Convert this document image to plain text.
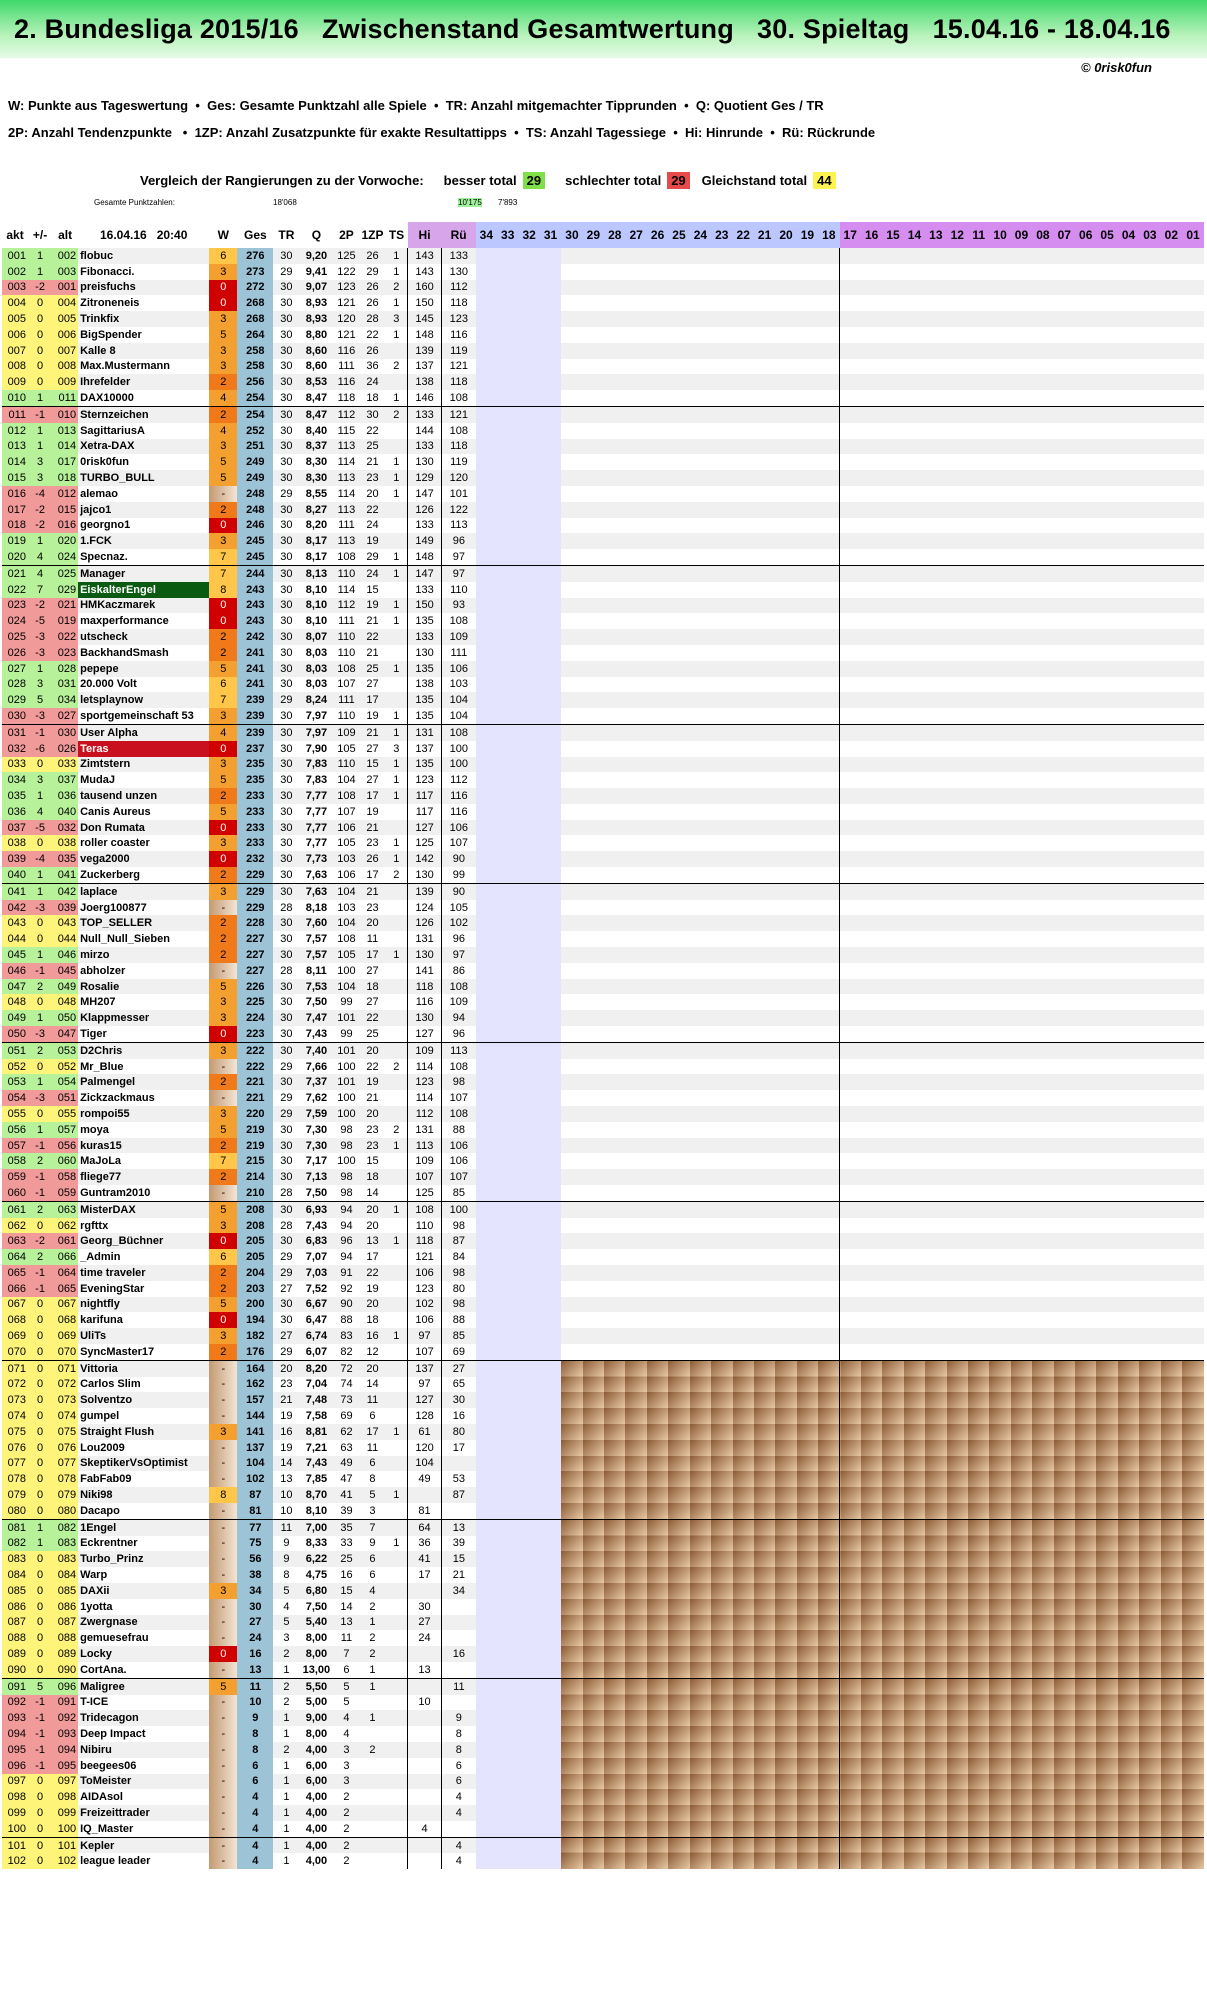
2. Bundesliga 2015/16   Zwischenstand Gesamtwertung   30. Spieltag   15.04.16 - 18.04.16
© 0risk0fun
W: Punkte aus Tageswertung  •  Ges: Gesamte Punktzahl alle Spiele  •  TR: Anzahl mitgemachter Tipprunden  •  Q: Quotient Ges / TR
2P: Anzahl Tendenzpunkte   •  1ZP: Anzahl Zusatzpunkte für exakte Resultattipps  •  TS: Anzahl Tagessiege  •  Hi: Hinrunde  •  Rü: Rückrunde
Vergleich der Rangierungen zu der Vorwoche: besser total 29	schlechter total 29	Gleichstand total 44
Gesamte Punktzahlen:	18'068	10'175 7'893
akt	+/-	alt	16.04.16 20:40	W	Ges	TR	Q	2P	1ZP	TS	Hi	Rü	34	33	32	31	30	29	28	27	26	25	24	23	22	21	20	19	18	17	16	15	14	13	12	11	10	09	08	07	06	05	04	03	02	01
001	1	002	flobuc	6	276	30	9,20	125	26	1	143	133																																		
002	1	003	Fibonacci.	3	273	29	9,41	122	29	1	143	130																																		
003	-2	001	preisfuchs	0	272	30	9,07	123	26	2	160	112																																		
004	0	004	Zitroneneis	0	268	30	8,93	121	26	1	150	118																																		
005	0	005	Trinkfix	3	268	30	8,93	120	28	3	145	123																																		
006	0	006	BigSpender	5	264	30	8,80	121	22	1	148	116																																		
007	0	007	Kalle 8	3	258	30	8,60	116	26		139	119																																		
008	0	008	Max.Mustermann	3	258	30	8,60	111	36	2	137	121																																		
009	0	009	Ihrefelder	2	256	30	8,53	116	24		138	118																																		
010	1	011	DAX10000	4	254	30	8,47	118	18	1	146	108																																		
011	-1	010	Sternzeichen	2	254	30	8,47	112	30	2	133	121																																		
012	1	013	SagittariusA	4	252	30	8,40	115	22		144	108																																		
013	1	014	Xetra-DAX	3	251	30	8,37	113	25		133	118																																		
014	3	017	0risk0fun	5	249	30	8,30	114	21	1	130	119																																		
015	3	018	TURBO_BULL	5	249	30	8,30	113	23	1	129	120																																		
016	-4	012	alemao	-	248	29	8,55	114	20	1	147	101																																		
017	-2	015	jajco1	2	248	30	8,27	113	22		126	122																																		
018	-2	016	georgno1	0	246	30	8,20	111	24		133	113																																		
019	1	020	1.FCK	3	245	30	8,17	113	19		149	96																																		
020	4	024	Specnaz.	7	245	30	8,17	108	29	1	148	97																																		
021	4	025	Manager	7	244	30	8,13	110	24	1	147	97																																		
022	7	029	EiskalterEngel	8	243	30	8,10	114	15		133	110																																		
023	-2	021	HMKaczmarek	0	243	30	8,10	112	19	1	150	93																																		
024	-5	019	maxperformance	0	243	30	8,10	111	21	1	135	108																																		
025	-3	022	utscheck	2	242	30	8,07	110	22		133	109																																		
026	-3	023	BackhandSmash	2	241	30	8,03	110	21		130	111																																		
027	1	028	pepepe	5	241	30	8,03	108	25	1	135	106																																		
028	3	031	20.000 Volt	6	241	30	8,03	107	27		138	103																																		
029	5	034	letsplaynow	7	239	29	8,24	111	17		135	104																																		
030	-3	027	sportgemeinschaft 53	3	239	30	7,97	110	19	1	135	104																																		
031	-1	030	User Alpha	4	239	30	7,97	109	21	1	131	108																																		
032	-6	026	Teras	0	237	30	7,90	105	27	3	137	100																																		
033	0	033	Zimtstern	3	235	30	7,83	110	15	1	135	100																																		
034	3	037	MudaJ	5	235	30	7,83	104	27	1	123	112																																		
035	1	036	tausend unzen	2	233	30	7,77	108	17	1	117	116																																		
036	4	040	Canis Aureus	5	233	30	7,77	107	19		117	116																																		
037	-5	032	Don Rumata	0	233	30	7,77	106	21		127	106																																		
038	0	038	roller coaster	3	233	30	7,77	105	23	1	125	107																																		
039	-4	035	vega2000	0	232	30	7,73	103	26	1	142	90																																		
040	1	041	Zuckerberg	2	229	30	7,63	106	17	2	130	99																																		
041	1	042	laplace	3	229	30	7,63	104	21		139	90																																		
042	-3	039	Joerg100877	-	229	28	8,18	103	23		124	105																																		
043	0	043	TOP_SELLER	2	228	30	7,60	104	20		126	102																																		
044	0	044	Null_Null_Sieben	2	227	30	7,57	108	11		131	96																																		
045	1	046	mirzo	2	227	30	7,57	105	17	1	130	97																																		
046	-1	045	abholzer	-	227	28	8,11	100	27		141	86																																		
047	2	049	Rosalie	5	226	30	7,53	104	18		118	108																																		
048	0	048	MH207	3	225	30	7,50	99	27		116	109																																		
049	1	050	Klappmesser	3	224	30	7,47	101	22		130	94																																		
050	-3	047	Tiger	0	223	30	7,43	99	25		127	96																																		
051	2	053	D2Chris	3	222	30	7,40	101	20		109	113																																		
052	0	052	Mr_Blue	-	222	29	7,66	100	22	2	114	108																																		
053	1	054	Palmengel	2	221	30	7,37	101	19		123	98																																		
054	-3	051	Zickzackmaus	-	221	29	7,62	100	21		114	107																																		
055	0	055	rompoi55	3	220	29	7,59	100	20		112	108																																		
056	1	057	moya	5	219	30	7,30	98	23	2	131	88																																		
057	-1	056	kuras15	2	219	30	7,30	98	23	1	113	106																																		
058	2	060	MaJoLa	7	215	30	7,17	100	15		109	106																																		
059	-1	058	fliege77	2	214	30	7,13	98	18		107	107																																		
060	-1	059	Guntram2010	-	210	28	7,50	98	14		125	85																																		
061	2	063	MisterDAX	5	208	30	6,93	94	20	1	108	100																																		
062	0	062	rgfttx	3	208	28	7,43	94	20		110	98																																		
063	-2	061	Georg_Büchner	0	205	30	6,83	96	13	1	118	87																																		
064	2	066	_Admin	6	205	29	7,07	94	17		121	84																																		
065	-1	064	time traveler	2	204	29	7,03	91	22		106	98																																		
066	-1	065	EveningStar	2	203	27	7,52	92	19		123	80																																		
067	0	067	nightfly	5	200	30	6,67	90	20		102	98																																		
068	0	068	karifuna	0	194	30	6,47	88	18		106	88																																		
069	0	069	UliTs	3	182	27	6,74	83	16	1	97	85																																		
070	0	070	SyncMaster17	2	176	29	6,07	82	12		107	69																																		
071	0	071	Vittoria	-	164	20	8,20	72	20		137	27																																		
072	0	072	Carlos Slim	-	162	23	7,04	74	14		97	65																																		
073	0	073	Solventzo	-	157	21	7,48	73	11		127	30																																		
074	0	074	gumpel	-	144	19	7,58	69	6		128	16																																		
075	0	075	Straight Flush	3	141	16	8,81	62	17	1	61	80																																		
076	0	076	Lou2009	-	137	19	7,21	63	11		120	17																																		
077	0	077	SkeptikerVsOptimist	-	104	14	7,43	49	6		104																																			
078	0	078	FabFab09	-	102	13	7,85	47	8		49	53																																		
079	0	079	Niki98	8	87	10	8,70	41	5	1		87																																		
080	0	080	Dacapo	-	81	10	8,10	39	3		81																																			
081	1	082	1Engel	-	77	11	7,00	35	7		64	13																																		
082	1	083	Eckrentner	-	75	9	8,33	33	9	1	36	39																																		
083	0	083	Turbo_Prinz	-	56	9	6,22	25	6		41	15																																		
084	0	084	Warp	-	38	8	4,75	16	6		17	21																																		
085	0	085	DAXii	3	34	5	6,80	15	4			34																																		
086	0	086	1yotta	-	30	4	7,50	14	2		30																																			
087	0	087	Zwergnase	-	27	5	5,40	13	1		27																																			
088	0	088	gemuesefrau	-	24	3	8,00	11	2		24																																			
089	0	089	Locky	0	16	2	8,00	7	2			16																																		
090	0	090	CortAna.	-	13	1	13,00	6	1		13																																			
091	5	096	Maligree	5	11	2	5,50	5	1			11																																		
092	-1	091	T-ICE	-	10	2	5,00	5			10																																			
093	-1	092	Tridecagon	-	9	1	9,00	4	1			9																																		
094	-1	093	Deep Impact	-	8	1	8,00	4				8																																		
095	-1	094	Nibiru	-	8	2	4,00	3	2			8																																		
096	-1	095	beegees06	-	6	1	6,00	3				6																																		
097	0	097	ToMeister	-	6	1	6,00	3				6																																		
098	0	098	AIDAsol	-	4	1	4,00	2				4																																		
099	0	099	Freizeittrader	-	4	1	4,00	2				4																																		
100	0	100	IQ_Master	-	4	1	4,00	2			4																																			
101	0	101	Kepler	-	4	1	4,00	2				4																																		
102	0	102	league leader	-	4	1	4,00	2				4																																		
